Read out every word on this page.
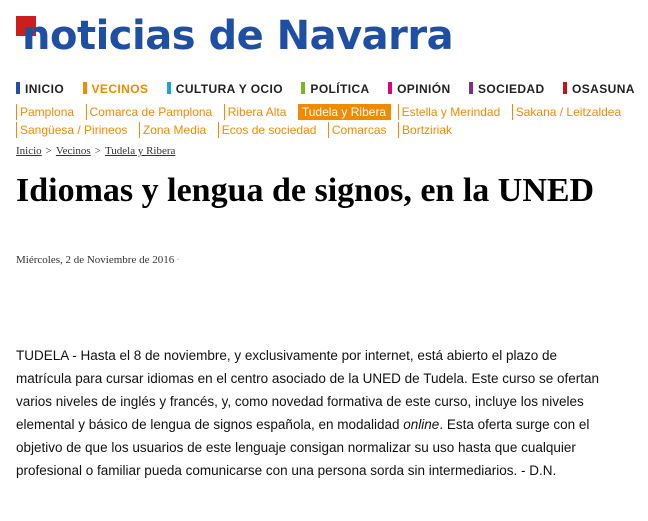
noticias de Navarra
INICIO VECINOS CULTURA Y OCIO POLÍTICA OPINIÓN SOCIEDAD OSASUNA
Pamplona Comarca de Pamplona Ribera Alta Tudela y Ribera Estella y Merindad Sakana / Leitzaldea
Sangüesa / Pirineos Zona Media Ecos de sociedad Comarcas Bortziriak
Inicio > Vecinos > Tudela y Ribera
Idiomas y lengua de signos, en la UNED
Miércoles, 2 de Noviembre de 2016 ·

TUDELA - Hasta el 8 de noviembre, y exclusivamente por internet, está abierto el plazo de matrícula para cursar idiomas en el centro asociado de la UNED de Tudela. Este curso se ofertan varios niveles de inglés y francés, y, como novedad formativa de este curso, incluye los niveles elemental y básico de lengua de signos española, en modalidad online. Esta oferta surge con el objetivo de que los usuarios de este lenguaje consigan normalizar su uso hasta que cualquier profesional o familiar pueda comunicarse con una persona sorda sin intermediarios. - D.N.
